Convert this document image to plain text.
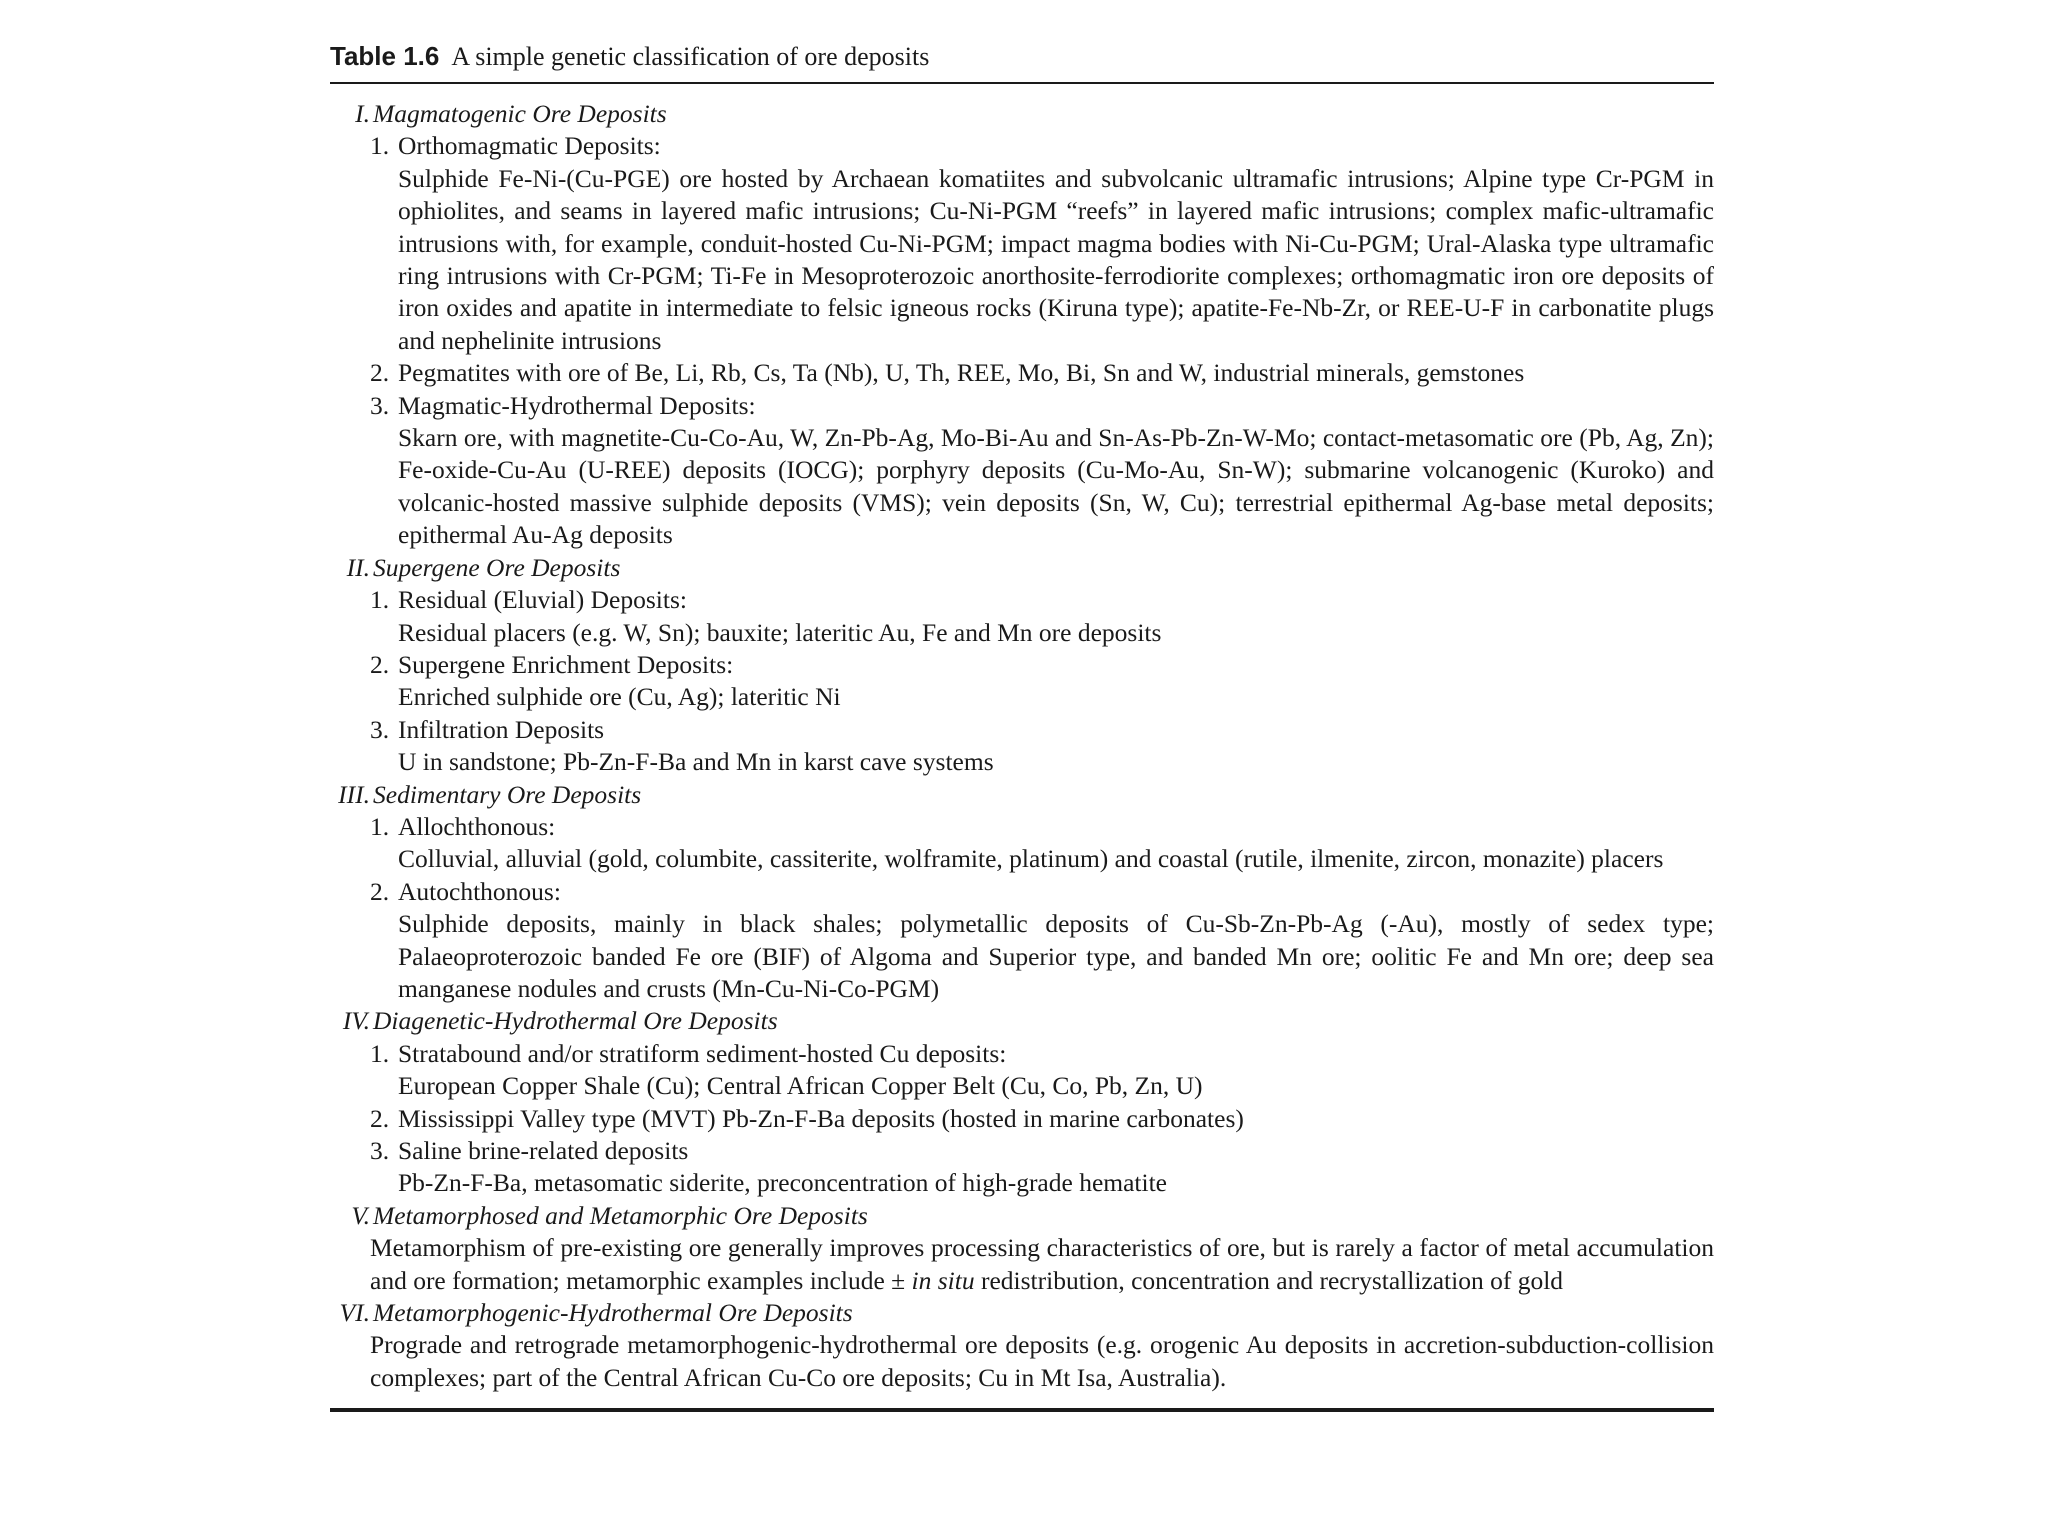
Table 1.6 A simple genetic classification of ore deposits
I. Magmatogenic Ore Deposits
1. Orthomagmatic Deposits:
Sulphide Fe-Ni-(Cu-PGE) ore hosted by Archaean komatiites and subvolcanic ultramafic intrusions; Alpine type Cr-PGM in ophiolites, and seams in layered mafic intrusions; Cu-Ni-PGM “reefs” in layered mafic intrusions; complex mafic-ultramafic intrusions with, for example, conduit-hosted Cu-Ni-PGM; impact magma bodies with Ni-Cu-PGM; Ural-Alaska type ultramafic ring intrusions with Cr-PGM; Ti-Fe in Mesoproterozoic anorthosite-ferrodiorite complexes; orthomagmatic iron ore deposits of iron oxides and apatite in intermediate to felsic igneous rocks (Kiruna type); apatite-Fe-Nb-Zr, or REE-U-F in carbonatite plugs and nephelinite intrusions
2. Pegmatites with ore of Be, Li, Rb, Cs, Ta (Nb), U, Th, REE, Mo, Bi, Sn and W, industrial minerals, gemstones
3. Magmatic-Hydrothermal Deposits:
Skarn ore, with magnetite-Cu-Co-Au, W, Zn-Pb-Ag, Mo-Bi-Au and Sn-As-Pb-Zn-W-Mo; contact-metasomatic ore (Pb, Ag, Zn); Fe-oxide-Cu-Au (U-REE) deposits (IOCG); porphyry deposits (Cu-Mo-Au, Sn-W); submarine volcanogenic (Kuroko) and volcanic-hosted massive sulphide deposits (VMS); vein deposits (Sn, W, Cu); terrestrial epithermal Ag-base metal deposits; epithermal Au-Ag deposits
II. Supergene Ore Deposits
1. Residual (Eluvial) Deposits:
Residual placers (e.g. W, Sn); bauxite; lateritic Au, Fe and Mn ore deposits
2. Supergene Enrichment Deposits:
Enriched sulphide ore (Cu, Ag); lateritic Ni
3. Infiltration Deposits
U in sandstone; Pb-Zn-F-Ba and Mn in karst cave systems
III. Sedimentary Ore Deposits
1. Allochthonous:
Colluvial, alluvial (gold, columbite, cassiterite, wolframite, platinum) and coastal (rutile, ilmenite, zircon, monazite) placers
2. Autochthonous:
Sulphide deposits, mainly in black shales; polymetallic deposits of Cu-Sb-Zn-Pb-Ag (-Au), mostly of sedex type; Palaeoproterozoic banded Fe ore (BIF) of Algoma and Superior type, and banded Mn ore; oolitic Fe and Mn ore; deep sea manganese nodules and crusts (Mn-Cu-Ni-Co-PGM)
IV. Diagenetic-Hydrothermal Ore Deposits
1. Stratabound and/or stratiform sediment-hosted Cu deposits:
European Copper Shale (Cu); Central African Copper Belt (Cu, Co, Pb, Zn, U)
2. Mississippi Valley type (MVT) Pb-Zn-F-Ba deposits (hosted in marine carbonates)
3. Saline brine-related deposits
Pb-Zn-F-Ba, metasomatic siderite, preconcentration of high-grade hematite
V. Metamorphosed and Metamorphic Ore Deposits
Metamorphism of pre-existing ore generally improves processing characteristics of ore, but is rarely a factor of metal accumulation and ore formation; metamorphic examples include ± in situ redistribution, concentration and recrystallization of gold
VI. Metamorphogenic-Hydrothermal Ore Deposits
Prograde and retrograde metamorphogenic-hydrothermal ore deposits (e.g. orogenic Au deposits in accretion-subduction-collision complexes; part of the Central African Cu-Co ore deposits; Cu in Mt Isa, Australia).
